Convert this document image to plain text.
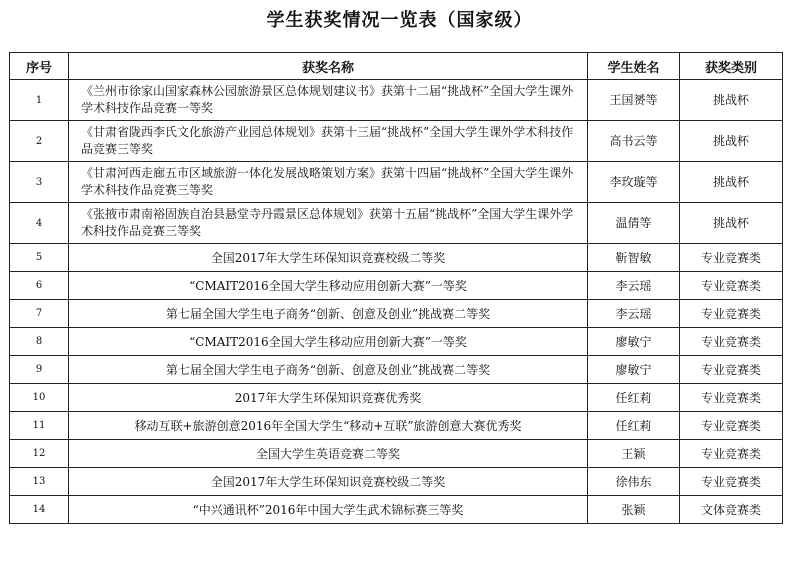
学生获奖情况一览表（国家级）
序号	获奖名称	学生姓名	获奖类别
1	《兰州市徐家山国家森林公园旅游景区总体规划建议书》获第十二届“挑战杯”全国大学生课外学术科技作品竞赛一等奖	王国赟等	挑战杯
2	《甘肃省陇西李氏文化旅游产业园总体规划》获第十三届“挑战杯”全国大学生课外学术科技作品竞赛三等奖	高书云等	挑战杯
3	《甘肃河西走廊五市区域旅游一体化发展战略策划方案》获第十四届“挑战杯”全国大学生课外学术科技作品竞赛三等奖	李玫璇等	挑战杯
4	《张掖市肃南裕固族自治县悬堂寺丹霞景区总体规划》获第十五届“挑战杯”全国大学生课外学术科技作品竞赛三等奖	温倩等	挑战杯
5	全国2017年大学生环保知识竞赛校级二等奖	靳智敏	专业竞赛类
6	“CMAIT2016全国大学生移动应用创新大赛”一等奖	李云瑶	专业竞赛类
7	第七届全国大学生电子商务“创新、创意及创业”挑战赛二等奖	李云瑶	专业竞赛类
8	“CMAIT2016全国大学生移动应用创新大赛”一等奖	廖敏宁	专业竞赛类
9	第七届全国大学生电子商务“创新、创意及创业”挑战赛二等奖	廖敏宁	专业竞赛类
10	2017年大学生环保知识竞赛优秀奖	任红莉	专业竞赛类
11	移动互联+旅游创意2016年全国大学生“移动+互联”旅游创意大赛优秀奖	任红莉	专业竞赛类
12	全国大学生英语竞赛二等奖	王颖	专业竞赛类
13	全国2017年大学生环保知识竞赛校级二等奖	徐伟东	专业竞赛类
14	“中兴通讯杯”2016年中国大学生武术锦标赛三等奖	张颖	文体竞赛类
